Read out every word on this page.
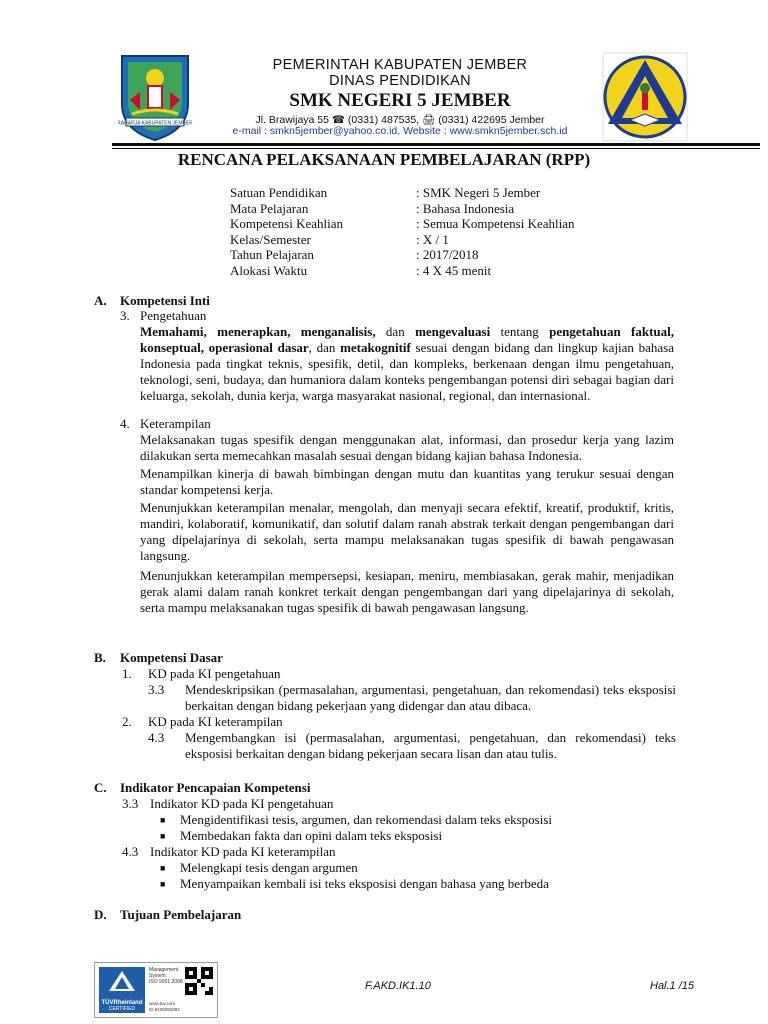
RAHARJA KABUPATEN JEMBER
PEMERINTAH KABUPATEN JEMBER
DINAS PENDIDIKAN
SMK NEGERI 5 JEMBER
Jl. Brawijaya 55 ☎ (0331) 487535, 🖨 (0331) 422695 Jember
e-mail : smkn5jember@yahoo.co.id, Website : www.smkn5jember.sch.id
RENCANA PELAKSANAAN PEMBELAJARAN (RPP)
Satuan Pendidikan	: SMK Negeri 5 Jember
Mata Pelajaran	: Bahasa Indonesia
Kompetensi Keahlian	: Semua Kompetensi Keahlian
Kelas/Semester	: X / 1
Tahun Pelajaran	: 2017/2018
Alokasi Waktu	: 4 X 45 menit
A. Kompetensi Inti
3. Pengetahuan
Memahami, menerapkan, menganalisis, dan mengevaluasi tentang pengetahuan faktual, konseptual, operasional dasar, dan metakognitif sesuai dengan bidang dan lingkup kajian bahasa Indonesia pada tingkat teknis, spesifik, detil, dan kompleks, berkenaan dengan ilmu pengetahuan, teknologi, seni, budaya, dan humaniora dalam konteks pengembangan potensi diri sebagai bagian dari keluarga, sekolah, dunia kerja, warga masyarakat nasional, regional, dan internasional.
4. Keterampilan
Melaksanakan tugas spesifik dengan menggunakan alat, informasi, dan prosedur kerja yang lazim dilakukan serta memecahkan masalah sesuai dengan bidang kajian bahasa Indonesia.
Menampilkan kinerja di bawah bimbingan dengan mutu dan kuantitas yang terukur sesuai dengan standar kompetensi kerja.
Menunjukkan keterampilan menalar, mengolah, dan menyaji secara efektif, kreatif, produktif, kritis, mandiri, kolaboratif, komunikatif, dan solutif dalam ranah abstrak terkait dengan pengembangan dari yang dipelajarinya di sekolah, serta mampu melaksanakan tugas spesifik di bawah pengawasan langsung.
Menunjukkan keterampilan mempersepsi, kesiapan, meniru, membiasakan, gerak mahir, menjadikan gerak alami dalam ranah konkret terkait dengan pengembangan dari yang dipelajarinya di sekolah, serta mampu melaksanakan tugas spesifik di bawah pengawasan langsung.
B. Kompetensi Dasar
1. KD pada KI pengetahuan
3.3	Mendeskripsikan (permasalahan, argumentasi, pengetahuan, dan rekomendasi) teks eksposisi berkaitan dengan bidang pekerjaan yang didengar dan atau dibaca.
2. KD pada KI keterampilan
4.3	Mengembangkan isi (permasalahan, argumentasi, pengetahuan, dan rekomendasi) teks eksposisi berkaitan dengan bidang pekerjaan secara lisan dan atau tulis.
C. Indikator Pencapaian Kompetensi
3.3 Indikator KD pada KI pengetahuan
■ Mengidentifikasi tesis, argumen, dan rekomendasi dalam teks eksposisi
■ Membedakan fakta dan opini dalam teks eksposisi
4.3 Indikator KD pada KI keterampilan
■ Melengkapi tesis dengan argumen
■ Menyampaikan kembali isi teks eksposisi dengan bahasa yang berbeda
D. Tujuan Pembelajaran
TÜVRheinland
CERTIFIED
Management
System
ISO 9001:2008
www.tuv.com
ID 9105082382
F.AKD.IK1.10	Hal.1 /15
